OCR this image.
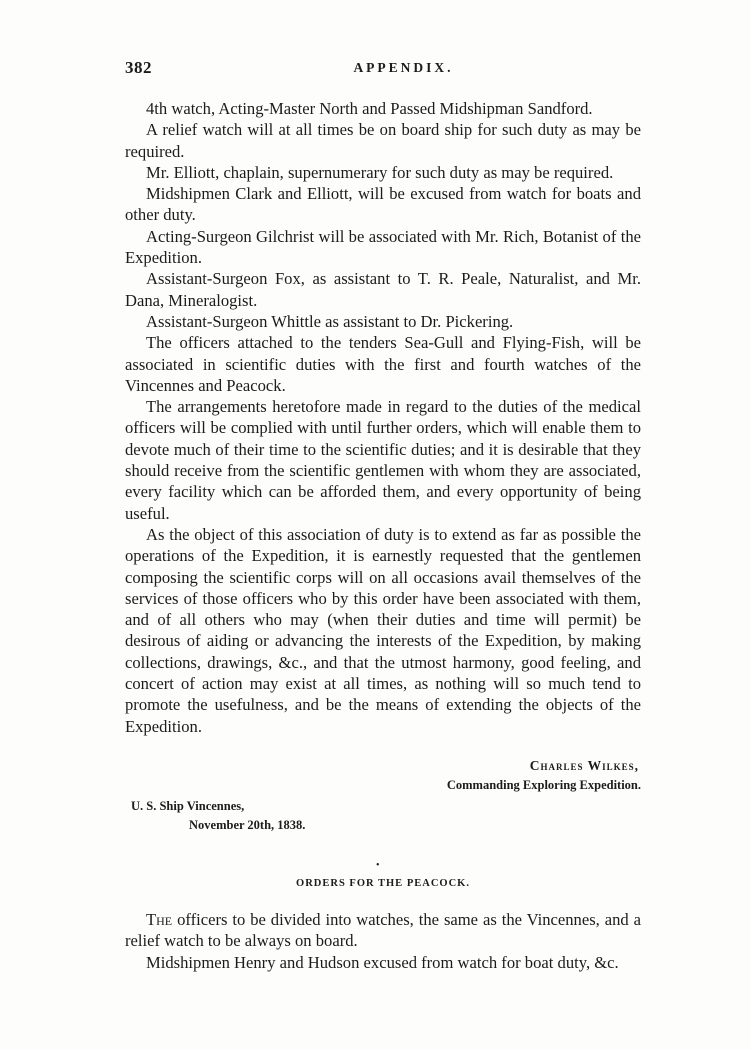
382	APPENDIX.

4th watch, Acting-Master North and Passed Midshipman Sandford.

A relief watch will at all times be on board ship for such duty as may be required.

Mr. Elliott, chaplain, supernumerary for such duty as may be required.

Midshipmen Clark and Elliott, will be excused from watch for boats and other duty.

Acting-Surgeon Gilchrist will be associated with Mr. Rich, Botanist of the Expedition.

Assistant-Surgeon Fox, as assistant to T. R. Peale, Naturalist, and Mr. Dana, Mineralogist.

Assistant-Surgeon Whittle as assistant to Dr. Pickering.

The officers attached to the tenders Sea-Gull and Flying-Fish, will be associated in scientific duties with the first and fourth watches of the Vincennes and Peacock.

The arrangements heretofore made in regard to the duties of the medical officers will be complied with until further orders, which will enable them to devote much of their time to the scientific duties; and it is desirable that they should receive from the scientific gentlemen with whom they are associated, every facility which can be afforded them, and every opportunity of being useful.

As the object of this association of duty is to extend as far as possible the operations of the Expedition, it is earnestly requested that the gentlemen composing the scientific corps will on all occasions avail themselves of the services of those officers who by this order have been associated with them, and of all others who may (when their duties and time will permit) be desirous of aiding or advancing the interests of the Expedition, by making collections, drawings, &c., and that the utmost harmony, good feeling, and concert of action may exist at all times, as nothing will so much tend to promote the usefulness, and be the means of extending the objects of the Expedition.

Charles Wilkes,
Commanding Exploring Expedition.
U. S. Ship Vincennes,
November 20th, 1838.
•
ORDERS FOR THE PEACOCK.

The officers to be divided into watches, the same as the Vincennes, and a relief watch to be always on board.

Midshipmen Henry and Hudson excused from watch for boat duty, &c.
